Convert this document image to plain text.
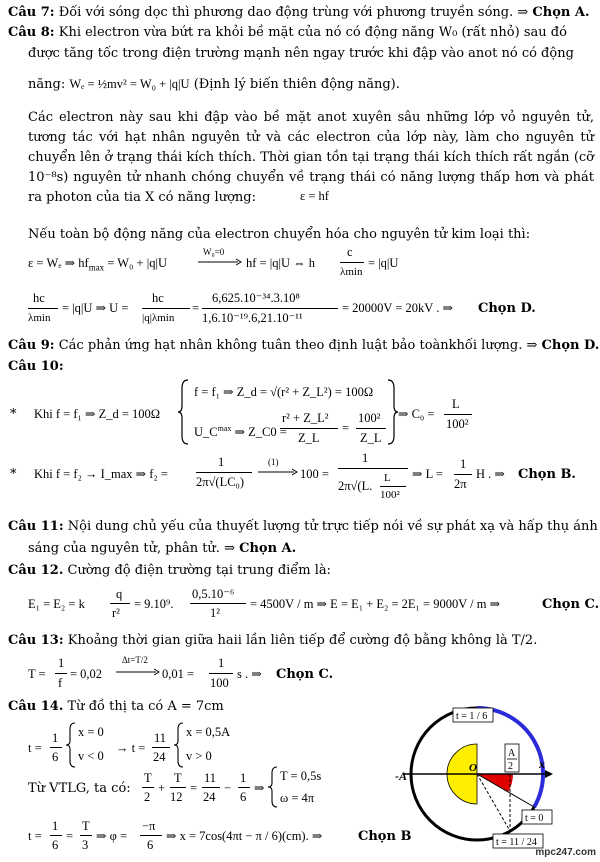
Câu 7: Đối với sóng dọc thì phương dao động trùng với phương truyền sóng. ⇒ Chọn A.
Câu 8: Khi electron vừa bứt ra khỏi bề mặt của nó có động năng W₀ (rất nhỏ) sau đó
được tăng tốc trong điện trường mạnh nên ngay trước khi đập vào anot nó có động
năng: Wₑ = ½mv² = W₀ + |q|U (Định lý biến thiên động năng).
Các electron này sau khi đập vào bề mặt anot xuyên sâu những lớp vỏ nguyên tử, tương tác với hạt nhân nguyên tử và các electron của lớp này, làm cho nguyên tử chuyển lên ở trạng thái kích thích. Thời gian tồn tại trạng thái kích thích rất ngắn (cỡ 10⁻⁸s) nguyên tử nhanh chóng chuyển về trạng thái có năng lượng thấp hơn và phát ra photon của tia X có năng lượng:	ε = hf
Nếu toàn bộ động năng của electron chuyển hóa cho nguyên tử kim loại thì:
ε = Wₑ ⇒ $hf_{max} = W_0 + |q|U$
W₀=0
hf = |q|U ⇔ h
c
λmin
= |q|U
hc
λmin
= |q|U ⇒ U =
hc
|q|λmin
=
6,625.10⁻³⁴.3.10⁸
1,6.10⁻¹⁹.6,21.10⁻¹¹
= 20000V = 20kV . ⇒ Chọn D.
Câu 9: Các phản ứng hạt nhân không tuân theo định luật bảo toànkhối lượng. ⇒ Chọn D.
Câu 10:
* Khi f = f₁ ⇒ Z_d = 100Ω
f = f₁ ⇒ Z_d = √(r² + Z_L²) = 100Ω
$U\_C^{max}$ ⇒ Z_C0 =
r² + Z_L²
Z_L
=
100²
Z_L
⇒ C₀ =
L
100²
* Khi f = f₂ → I_max ⇒ f₂ =
1
2π√(LC₀)
(1)
100 =
1
2π√(L.
L
100²
⇒ L =
1
2π
H . ⇒ Chọn B.
Câu 11: Nội dung chủ yếu của thuyết lượng tử trực tiếp nói về sự phát xạ và hấp thụ ánh
sáng của nguyên tử, phân tử. ⇒ Chọn A.
Câu 12. Cường độ điện trường tại trung điểm là:
E₁ = E₂ = k
q
r²
= 9.10⁹.
0,5.10⁻⁶
1²
= 4500V / m ⇒ E = E₁ + E₂ = 2E₁ = 9000V / m ⇒	Chọn C.
Câu 13: Khoảng thời gian giữa haii lần liên tiếp để cường độ bằng không là T/2.
T =
1
f
= 0,02
Δt=T/2
0,01 =
1
100
s . ⇒ Chọn C.
Câu 14. Từ đồ thị ta có A = 7cm
t =
1
6
x = 0
v < 0
→ t =
11
24
x = 0,5A
v > 0
Từ VTLG, ta có:
T
2
+
T
12
=
11
24
−
1
6
⇒
T = 0,5s
ω = 4π
t =
1
6
=
T
3
⇒ φ =
−π
6
⇒ x = 7cos(4πt − π / 6)(cm). ⇒	Chọn B
t = 1 / 6
A
2
-A
O	x
t = 0
t = 11 / 24
mpc247.com
